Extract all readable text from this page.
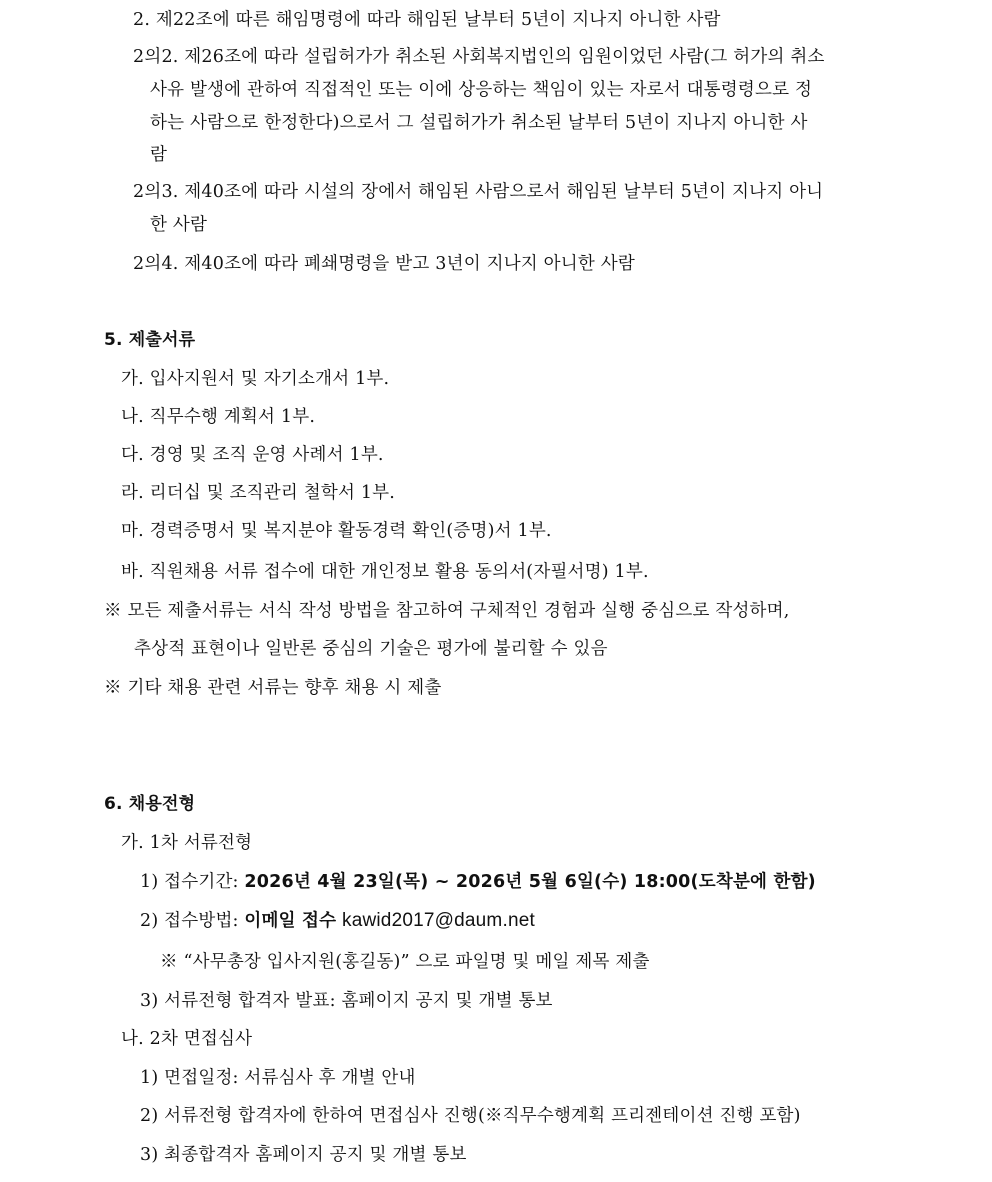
2. 제22조에 따른 해임명령에 따라 해임된 날부터 5년이 지나지 아니한 사람
2의2. 제26조에 따라 설립허가가 취소된 사회복지법인의 임원이었던 사람(그 허가의 취소
사유 발생에 관하여 직접적인 또는 이에 상응하는 책임이 있는 자로서 대통령령으로 정
하는 사람으로 한정한다)으로서 그 설립허가가 취소된 날부터 5년이 지나지 아니한 사
람
2의3. 제40조에 따라 시설의 장에서 해임된 사람으로서 해임된 날부터 5년이 지나지 아니
한 사람
2의4. 제40조에 따라 폐쇄명령을 받고 3년이 지나지 아니한 사람
5. 제출서류
가. 입사지원서 및 자기소개서 1부.
나. 직무수행 계획서 1부.
다. 경영 및 조직 운영 사례서 1부.
라. 리더십 및 조직관리 철학서 1부.
마. 경력증명서 및 복지분야 활동경력 확인(증명)서 1부.
바. 직원채용 서류 접수에 대한 개인정보 활용 동의서(자필서명) 1부.
※ 모든 제출서류는 서식 작성 방법을 참고하여 구체적인 경험과 실행 중심으로 작성하며,
추상적 표현이나 일반론 중심의 기술은 평가에 불리할 수 있음
※ 기타 채용 관련 서류는 향후 채용 시 제출
6. 채용전형
가. 1차 서류전형
1) 접수기간: 2026년 4월 23일(목) ~ 2026년 5월 6일(수) 18:00(도착분에 한함)
2) 접수방법: 이메일 접수 kawid2017@daum.net
※ “사무총장 입사지원(홍길동)” 으로 파일명 및 메일 제목 제출
3) 서류전형 합격자 발표: 홈페이지 공지 및 개별 통보
나. 2차 면접심사
1) 면접일정: 서류심사 후 개별 안내
2) 서류전형 합격자에 한하여 면접심사 진행(※직무수행계획 프리젠테이션 진행 포함)
3) 최종합격자 홈페이지 공지 및 개별 통보
